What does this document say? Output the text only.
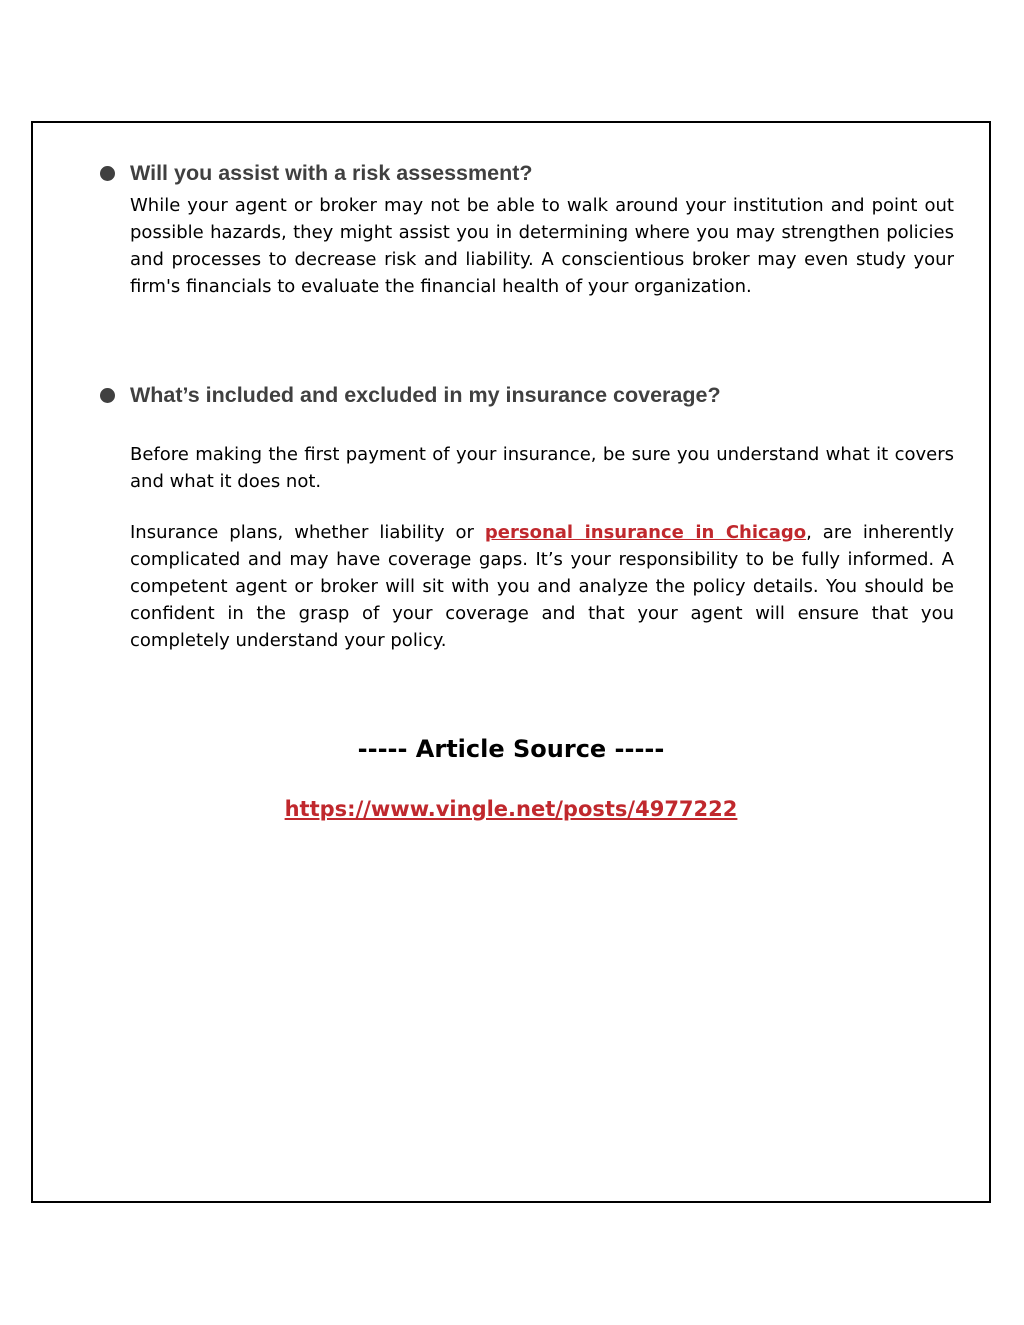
Will you assist with a risk assessment?

While your agent or broker may not be able to walk around your institution and point out possible hazards, they might assist you in determining where you may strengthen policies and processes to decrease risk and liability. A conscientious broker may even study your firm's financials to evaluate the financial health of your organization.

What’s included and excluded in my insurance coverage?

Before making the first payment of your insurance, be sure you understand what it covers and what it does not.

Insurance plans, whether liability or personal insurance in Chicago, are inherently complicated and may have coverage gaps. It’s your responsibility to be fully informed. A competent agent or broker will sit with you and analyze the policy details. You should be confident in the grasp of your coverage and that your agent will ensure that you completely understand your policy.

----- Article Source -----
https://www.vingle.net/posts/4977222
